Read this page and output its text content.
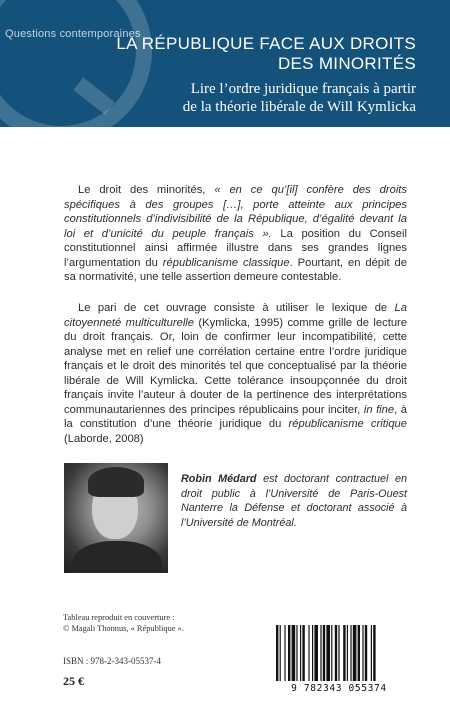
Questions contemporaines
LA RÉPUBLIQUE FACE AUX DROITS
DES MINORITÉS
Lire l’ordre juridique français à partir
de la théorie libérale de Will Kymlicka
Le droit des minorités, « en ce qu’[il] confère des droits spécifiques à des groupes […], porte atteinte aux principes constitutionnels d’indivisibilité de la République, d’égalité devant la loi et d’unicité du peuple français ». La position du Conseil constitutionnel ainsi affirmée illustre dans ses grandes lignes l’argumentation du républicanisme classique. Pourtant, en dépit de sa normativité, une telle assertion demeure contestable.
Le pari de cet ouvrage consiste à utiliser le lexique de La citoyenneté multiculturelle (Kymlicka, 1995) comme grille de lecture du droit français. Or, loin de confirmer leur incompatibilité, cette analyse met en relief une corrélation certaine entre l’ordre juridique français et le droit des minorités tel que conceptualisé par la théorie libérale de Will Kymlicka. Cette tolérance insoupçonnée du droit français invite l’auteur à douter de la pertinence des interprétations communautariennes des principes républicains pour inciter, in fine, à la constitution d’une théorie juridique du républicanisme critique (Laborde, 2008)
Robin Médard est doctorant contractuel en droit public à l’Université de Paris-Ouest Nanterre la Défense et doctorant associé à l’Université de Montréal.
Tableau reproduit en couverture :
© Magali Thonnus, « République ».
ISBN : 978-2-343-05537-4
25 €
9 782343 055374
